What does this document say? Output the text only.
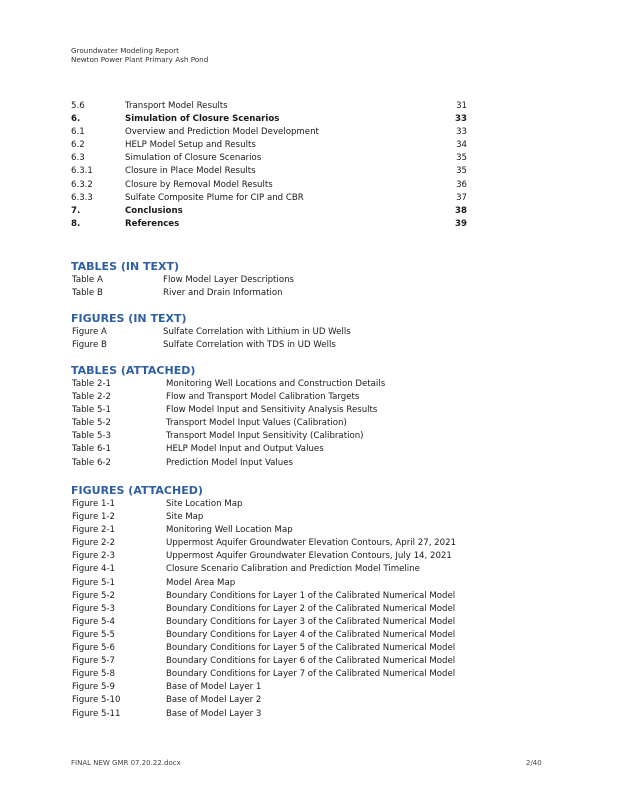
Groundwater Modeling Report
Newton Power Plant Primary Ash Pond
5.6	Transport Model Results	31
6.	Simulation of Closure Scenarios	33
6.1	Overview and Prediction Model Development	33
6.2	HELP Model Setup and Results	34
6.3	Simulation of Closure Scenarios	35
6.3.1	Closure in Place Model Results	35
6.3.2	Closure by Removal Model Results	36
6.3.3	Sulfate Composite Plume for CIP and CBR	37
7.	Conclusions	38
8.	References	39
TABLES (IN TEXT)
Table A	Flow Model Layer Descriptions
Table B	River and Drain Information
FIGURES (IN TEXT)
Figure A	Sulfate Correlation with Lithium in UD Wells
Figure B	Sulfate Correlation with TDS in UD Wells
TABLES (ATTACHED)
Table 2-1	Monitoring Well Locations and Construction Details
Table 2-2	Flow and Transport Model Calibration Targets
Table 5-1	Flow Model Input and Sensitivity Analysis Results
Table 5-2	Transport Model Input Values (Calibration)
Table 5-3	Transport Model Input Sensitivity (Calibration)
Table 6-1	HELP Model Input and Output Values
Table 6-2	Prediction Model Input Values
FIGURES (ATTACHED)
Figure 1-1	Site Location Map
Figure 1-2	Site Map
Figure 2-1	Monitoring Well Location Map
Figure 2-2	Uppermost Aquifer Groundwater Elevation Contours, April 27, 2021
Figure 2-3	Uppermost Aquifer Groundwater Elevation Contours, July 14, 2021
Figure 4-1	Closure Scenario Calibration and Prediction Model Timeline
Figure 5-1	Model Area Map
Figure 5-2	Boundary Conditions for Layer 1 of the Calibrated Numerical Model
Figure 5-3	Boundary Conditions for Layer 2 of the Calibrated Numerical Model
Figure 5-4	Boundary Conditions for Layer 3 of the Calibrated Numerical Model
Figure 5-5	Boundary Conditions for Layer 4 of the Calibrated Numerical Model
Figure 5-6	Boundary Conditions for Layer 5 of the Calibrated Numerical Model
Figure 5-7	Boundary Conditions for Layer 6 of the Calibrated Numerical Model
Figure 5-8	Boundary Conditions for Layer 7 of the Calibrated Numerical Model
Figure 5-9	Base of Model Layer 1
Figure 5-10	Base of Model Layer 2
Figure 5-11	Base of Model Layer 3
FINAL NEW GMR 07.20.22.docx	2/40
